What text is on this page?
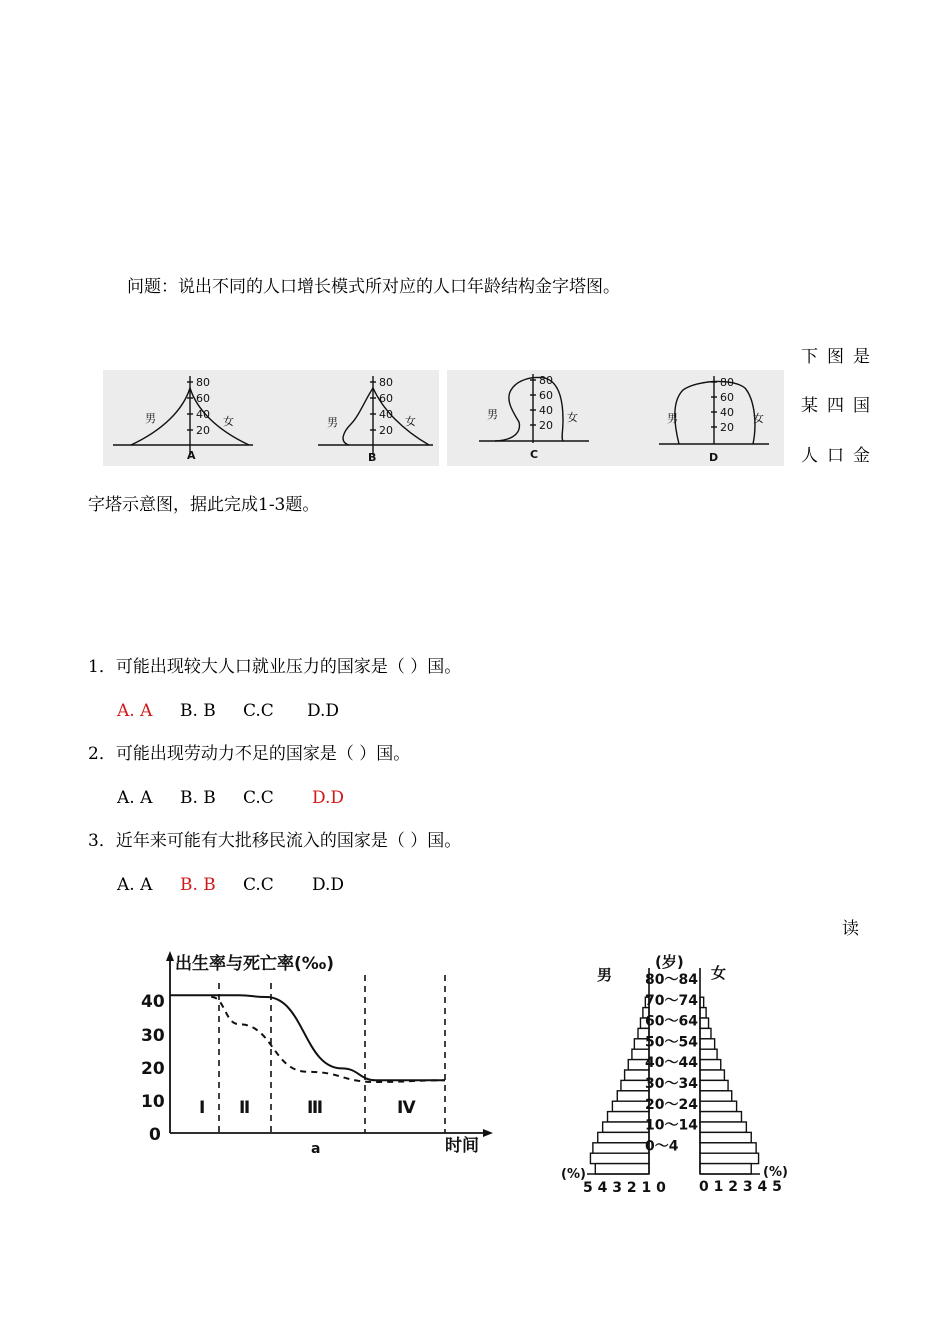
问题：说出不同的人口增长模式所对应的人口年龄结构金字塔图。
80
60
40
20
男	女
A
80
60
40
20
男	女
B
80
60
40
20
男	女
C
80
60
40
20
男	女
D
下图是
某四国
人口金
字塔示意图，据此完成1-3题。
1．可能出现较大人口就业压力的国家是（ ）国。
A. A B. B C.C D.D
2．可能出现劳动力不足的国家是（ ）国。
A. A B. B C.C D.D
3．近年来可能有大批移民流入的国家是（ ）国。
A. A B. B C.C D.D
读
出生率与死亡率(‰)
时间
a
40
30
20
10
0
Ⅰ Ⅱ	Ⅲ	Ⅳ
男	女
(岁)
(%)	(%)
5 4 3 2 1 0 0 1 2 3 4 5
80～84
70～74
60～64
50～54
40～44
30～34
20～24
10～14
0～4
